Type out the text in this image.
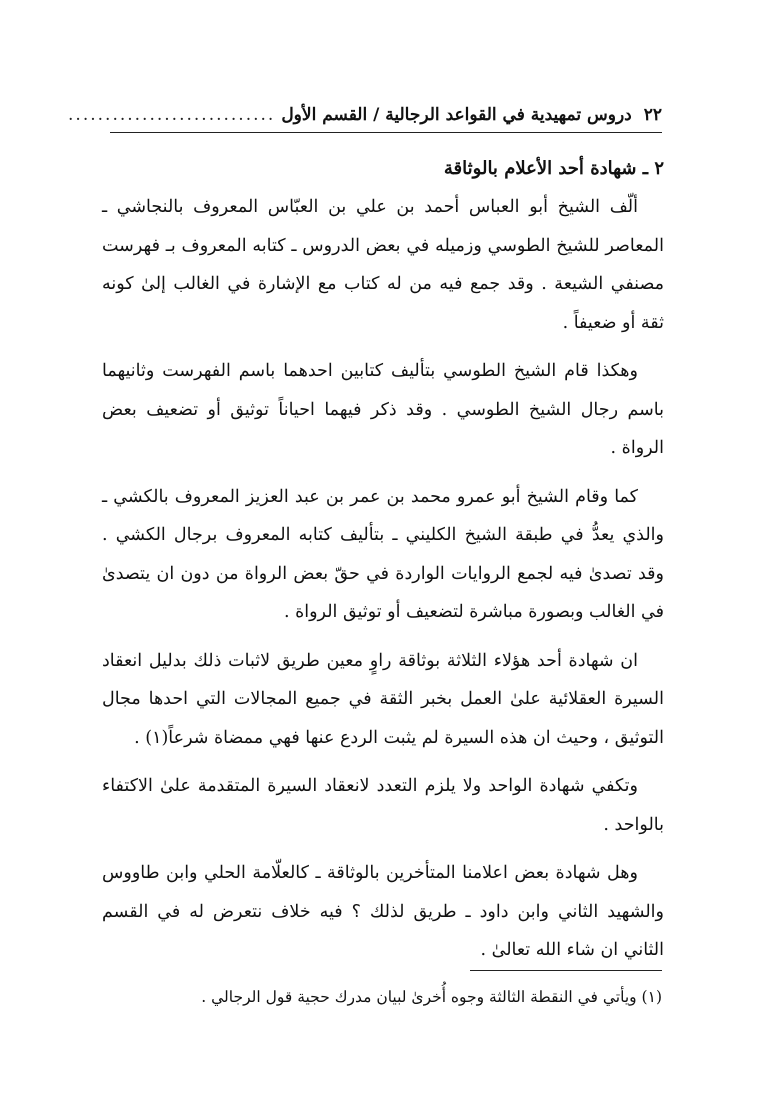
٢٢
دروس تمهيدية في القواعد الرجالية / القسم الأول
............................
٢ ـ شهادة أحد الأعلام بالوثاقة

ألّف الشيخ أبو العباس أحمد بن علي بن العبّاس المعروف بالنجاشي ـ المعاصر للشيخ الطوسي وزميله في بعض الدروس ـ كتابه المعروف بـ فهرست مصنفي الشيعة . وقد جمع فيه من له كتاب مع الإشارة في الغالب إلىٰ كونه ثقة أو ضعيفاً .

وهكذا قام الشيخ الطوسي بتأليف كتابين احدهما باسم الفهرست وثانيهما باسم رجال الشيخ الطوسي . وقد ذكر فيهما احياناً توثيق أو تضعيف بعض الرواة .

كما وقام الشيخ أبو عمرو محمد بن عمر بن عبد العزيز المعروف بالكشي ـ والذي يعدُّ في طبقة الشيخ الكليني ـ بتأليف كتابه المعروف برجال الكشي . وقد تصدىٰ فيه لجمع الروايات الواردة في حقّ بعض الرواة من دون ان يتصدىٰ في الغالب وبصورة مباشرة لتضعيف أو توثيق الرواة .

ان شهادة أحد هؤلاء الثلاثة بوثاقة راوٍ معين طريق لاثبات ذلك بدليل انعقاد السيرة العقلائية علىٰ العمل بخبر الثقة في جميع المجالات التي احدها مجال التوثيق ، وحيث ان هذه السيرة لم يثبت الردع عنها فهي ممضاة شرعاً(١) .

وتكفي شهادة الواحد ولا يلزم التعدد لانعقاد السيرة المتقدمة علىٰ الاكتفاء بالواحد .

وهل شهادة بعض اعلامنا المتأخرين بالوثاقة ـ كالعلّامة الحلي وابن طاووس والشهيد الثاني وابن داود ـ طريق لذلك ؟ فيه خلاف نتعرض له في القسم الثاني ان شاء الله تعالىٰ .

(١) ويأتي في النقطة الثالثة وجوه أُخرىٰ لبيان مدرك حجية قول الرجالي .
